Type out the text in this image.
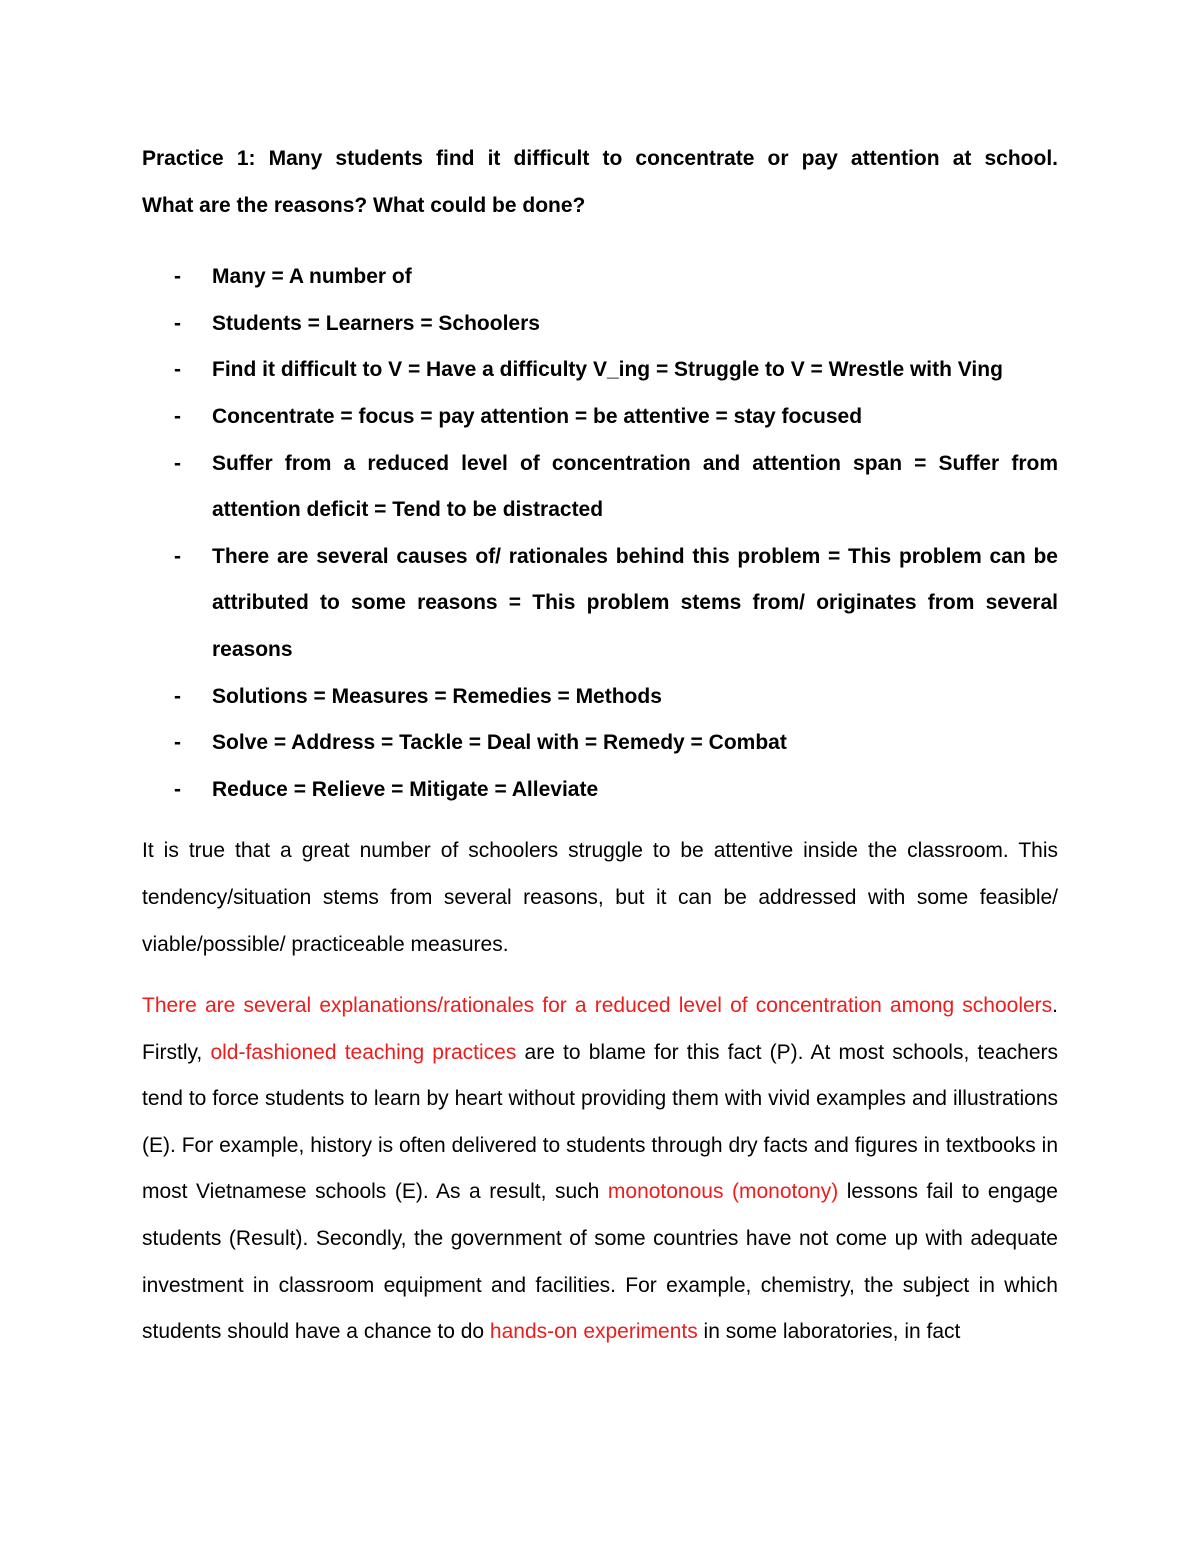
Practice 1: Many students find it difficult to concentrate or pay attention at school.
What are the reasons? What could be done?

- Many = A number of
- Students = Learners = Schoolers
- Find it difficult to V = Have a difficulty V_ing = Struggle to V = Wrestle with Ving
- Concentrate = focus = pay attention = be attentive = stay focused
- Suffer from a reduced level of concentration and attention span = Suffer from attention deficit = Tend to be distracted
- There are several causes of/ rationales behind this problem = This problem can be attributed to some reasons = This problem stems from/ originates from several reasons
- Solutions = Measures = Remedies = Methods
- Solve = Address = Tackle = Deal with = Remedy = Combat
- Reduce = Relieve = Mitigate = Alleviate

It is true that a great number of schoolers struggle to be attentive inside the classroom. This tendency/situation stems from several reasons, but it can be addressed with some feasible/ viable/possible/ practiceable measures.

There are several explanations/rationales for a reduced level of concentration among schoolers. Firstly, old-fashioned teaching practices are to blame for this fact (P). At most schools, teachers tend to force students to learn by heart without providing them with vivid examples and illustrations (E). For example, history is often delivered to students through dry facts and figures in textbooks in most Vietnamese schools (E). As a result, such monotonous (monotony) lessons fail to engage students (Result). Secondly, the government of some countries have not come up with adequate investment in classroom equipment and facilities. For example, chemistry, the subject in which students should have a chance to do hands-on experiments in some laboratories, in fact
